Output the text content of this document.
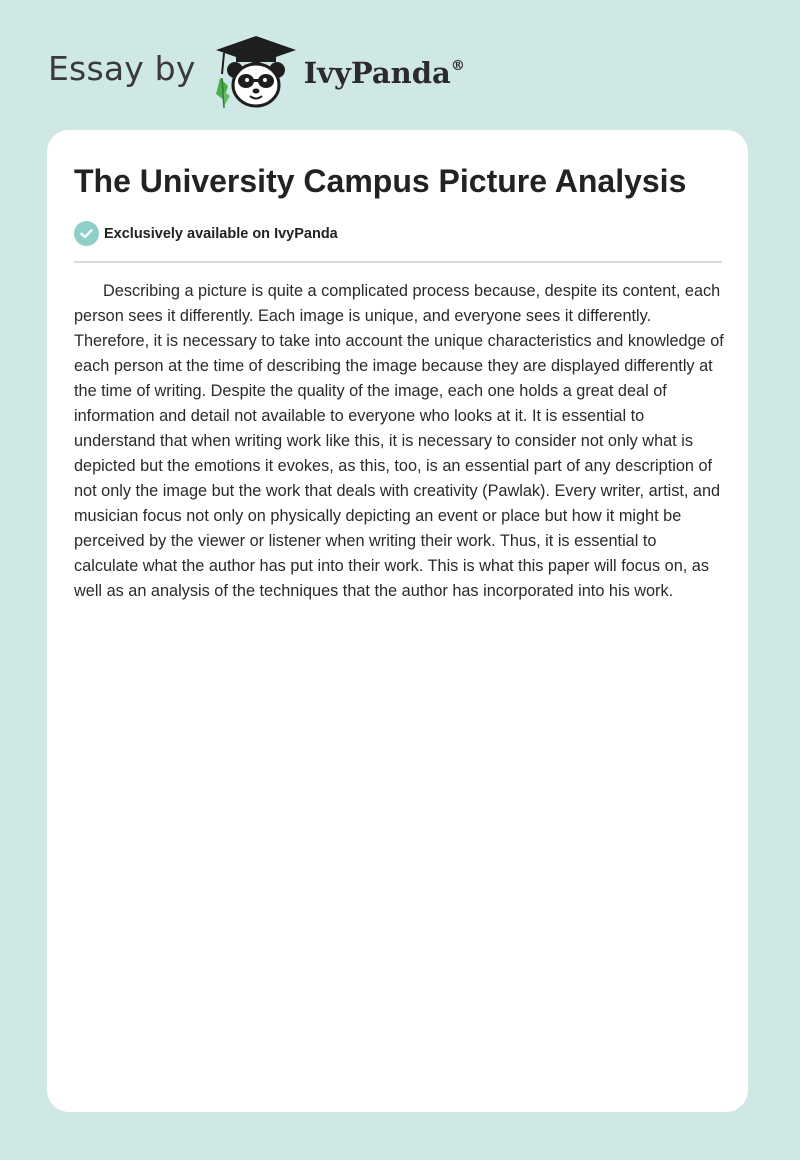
Essay by	IvyPanda®
The University Campus Picture Analysis
Exclusively available on IvyPanda

Describing a picture is quite a complicated process because, despite its content, each person sees it differently. Each image is unique, and everyone sees it differently. Therefore, it is necessary to take into account the unique characteristics and knowledge of each person at the time of describing the image because they are displayed differently at the time of writing. Despite the quality of the image, each one holds a great deal of information and detail not available to everyone who looks at it. It is essential to understand that when writing work like this, it is necessary to consider not only what is depicted but the emotions it evokes, as this, too, is an essential part of any description of not only the image but the work that deals with creativity (Pawlak). Every writer, artist, and musician focus not only on physically depicting an event or place but how it might be perceived by the viewer or listener when writing their work. Thus, it is essential to calculate what the author has put into their work. This is what this paper will focus on, as well as an analysis of the techniques that the author has incorporated into his work.
